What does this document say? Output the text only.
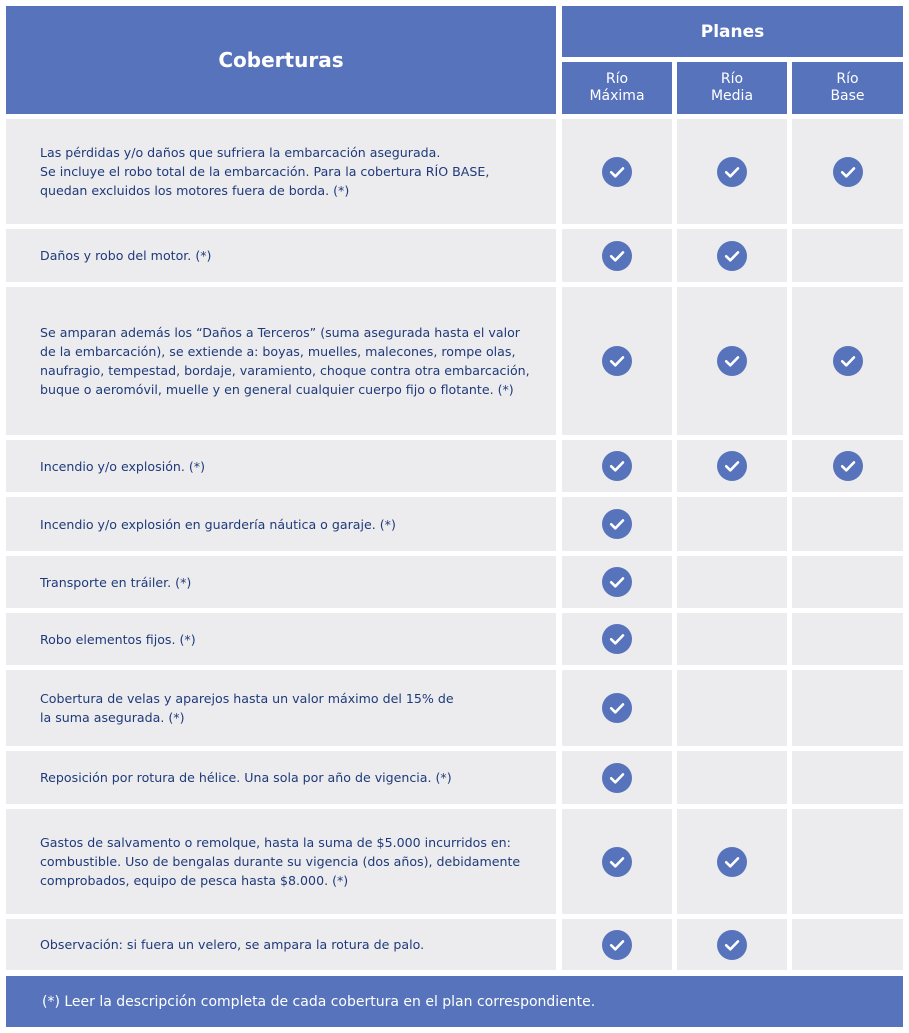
Coberturas
Planes
Río
Máxima
Río
Media
Río
Base
Las pérdidas y/o daños que sufriera la embarcación asegurada.
Se incluye el robo total de la embarcación. Para la cobertura RÍO BASE, quedan excluidos los motores fuera de borda. (*)
Daños y robo del motor. (*)
Se amparan además los “Daños a Terceros” (suma asegurada hasta el valor de la embarcación), se extiende a: boyas, muelles, malecones, rompe olas, naufragio, tempestad, bordaje, varamiento, choque contra otra embarcación, buque o aeromóvil, muelle y en general cualquier cuerpo fijo o flotante. (*)
Incendio y/o explosión. (*)
Incendio y/o explosión en guardería náutica o garaje. (*)
Transporte en tráiler. (*)
Robo elementos fijos. (*)
Cobertura de velas y aparejos hasta un valor máximo del 15% de
la suma asegurada. (*)
Reposición por rotura de hélice. Una sola por año de vigencia. (*)
Gastos de salvamento o remolque, hasta la suma de $5.000 incurridos en: combustible. Uso de bengalas durante su vigencia (dos años), debidamente comprobados, equipo de pesca hasta $8.000. (*)
Observación: si fuera un velero, se ampara la rotura de palo.
(*) Leer la descripción completa de cada cobertura en el plan correspondiente.
